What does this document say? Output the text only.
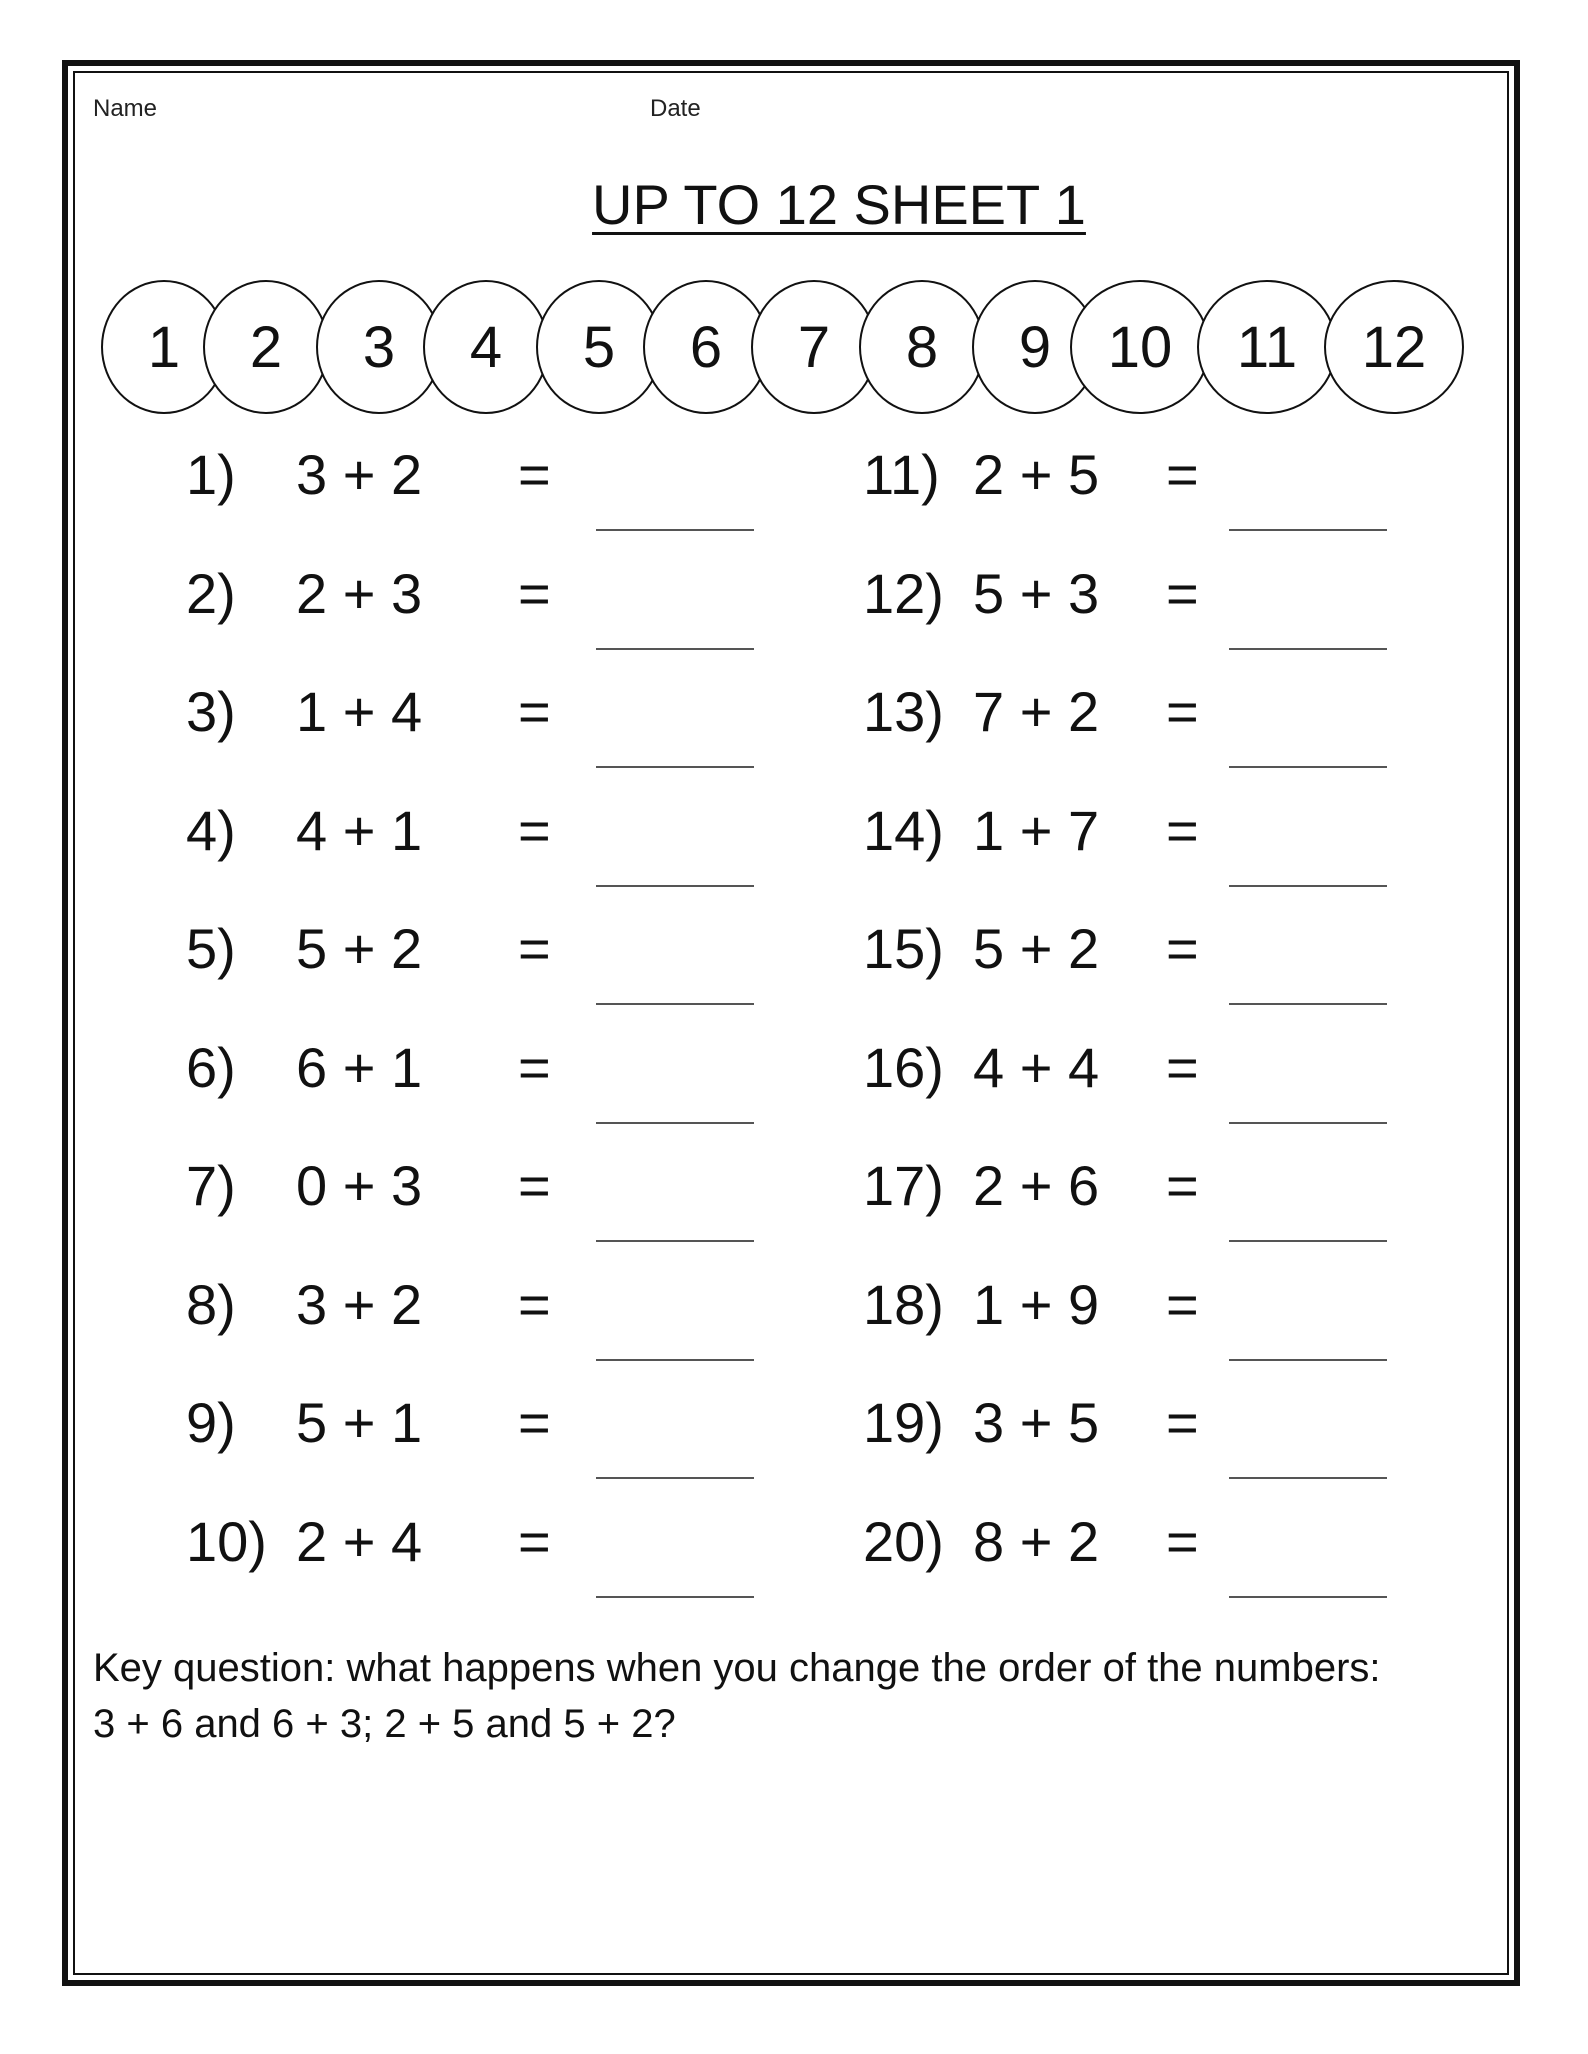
Name	Date
UP TO 12 SHEET 1
1	2	3	4	5	6	7	8	9 10	11	12
1) 3 + 2 =
2) 2 + 3 =
3) 1 + 4 =
4) 4 + 1 =
5) 5 + 2 =
6) 6 + 1 =
7) 0 + 3 =
8) 3 + 2 =
9) 5 + 1 =
10) 2 + 4 =
11) 2 + 5 =
12) 5 + 3 =
13) 7 + 2 =
14) 1 + 7 =
15) 5 + 2 =
16) 4 + 4 =
17) 2 + 6 =
18) 1 + 9 =
19) 3 + 5 =
20) 8 + 2 =
Key question: what happens when you change the order of the numbers:
3 + 6 and 6 + 3; 2 + 5 and 5 + 2?
